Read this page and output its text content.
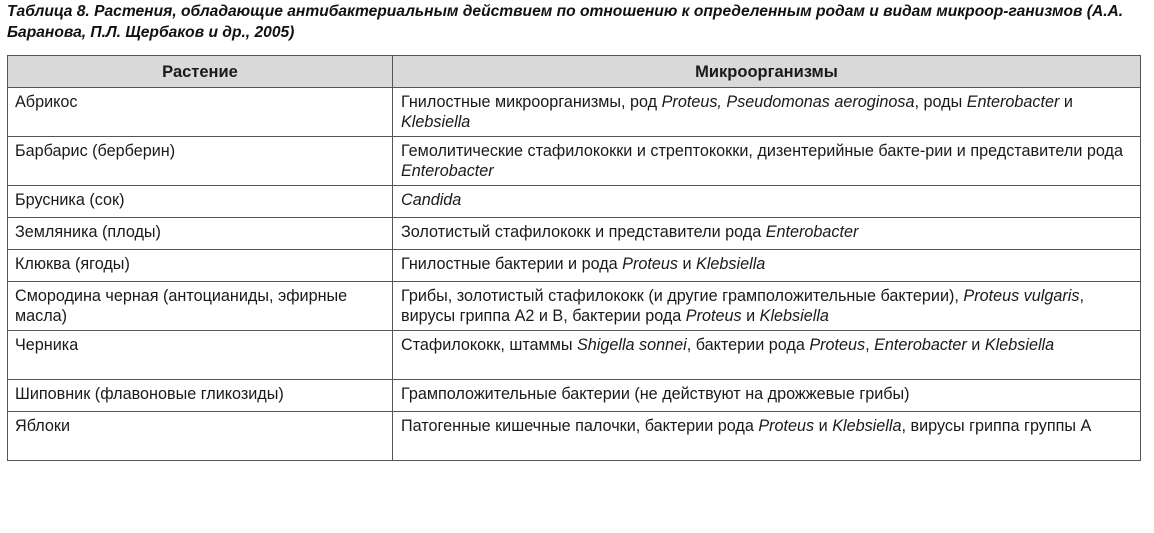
Таблица 8. Растения, обладающие антибактериальным действием по отношению к определенным родам и видам микроор-ганизмов (А.А. Баранова, П.Л. Щербаков и др., 2005)
Растение	Микроорганизмы
Абрикос	Гнилостные микроорганизмы, род Proteus, Pseudomonas aeroginosa, роды Enterobacter и Klebsiella
Барбарис (берберин)	Гемолитические стафилококки и стрептококки, дизентерийные бакте-рии и представители рода Enterobacter
Брусника (сок)	Candida
Земляника (плоды)	Золотистый стафилококк и представители рода Enterobacter
Клюква (ягоды)	Гнилостные бактерии и рода Proteus и Klebsiella
Смородина черная (антоцианиды, эфирные масла)	Грибы, золотистый стафилококк (и другие грамположительные бактерии), Proteus vulgaris, вирусы гриппа А2 и В, бактерии рода Proteus и Klebsiella
Черника	Стафилококк, штаммы Shigella sonnei, бактерии рода Proteus, Enterobacter и Klebsiella
Шиповник (флавоновые гликозиды)	Грамположительные бактерии (не действуют на дрожжевые грибы)
Яблоки	Патогенные кишечные палочки, бактерии рода Proteus и Klebsiella, вирусы гриппа группы А
